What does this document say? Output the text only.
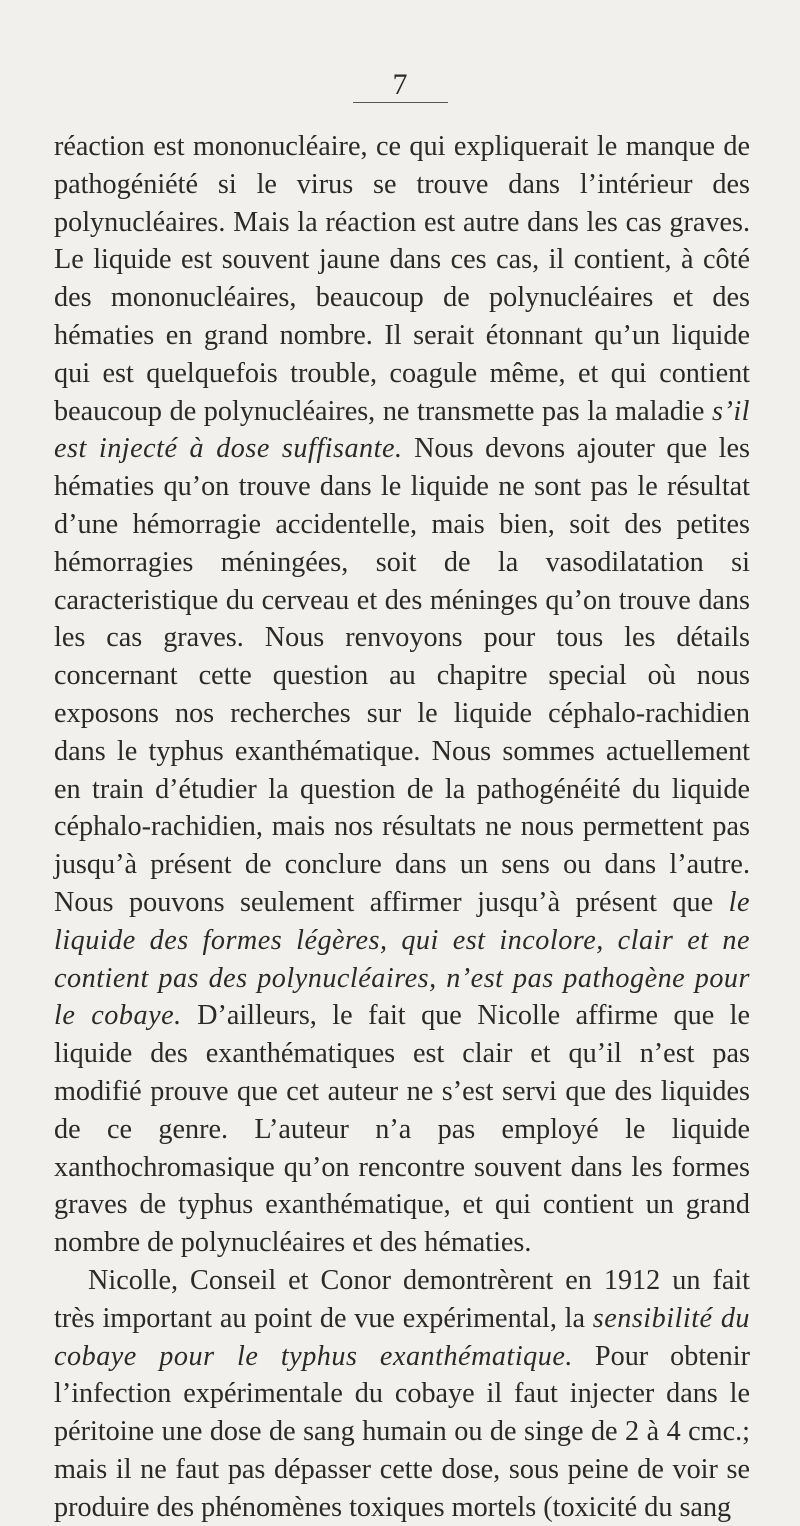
7

réaction est mononucléaire, ce qui expliquerait le manque de pathogéniété si le virus se trouve dans l’intérieur des polynucléaires. Mais la réaction est autre dans les cas graves. Le liquide est souvent jaune dans ces cas, il contient, à côté des mononucléaires, beaucoup de polynucléaires et des hématies en grand nombre. Il serait étonnant qu’un liquide qui est quelquefois trouble, coagule même, et qui contient beaucoup de polynucléaires, ne transmette pas la maladie s’il est injecté à dose suffisante. Nous devons ajouter que les hématies qu’on trouve dans le liquide ne sont pas le résultat d’une hémorragie accidentelle, mais bien, soit des petites hémorragies méningées, soit de la vasodilatation si caracteristique du cerveau et des méninges qu’on trouve dans les cas graves. Nous renvoyons pour tous les détails concernant cette question au chapitre special où nous exposons nos recherches sur le liquide céphalo-rachidien dans le typhus exanthématique. Nous sommes actuellement en train d’étudier la question de la pathogénéité du liquide céphalo-rachidien, mais nos résultats ne nous permettent pas jusqu’à présent de conclure dans un sens ou dans l’autre. Nous pouvons seulement affirmer jusqu’à présent que le liquide des formes légères, qui est incolore, clair et ne contient pas des polynucléaires, n’est pas pathogène pour le cobaye. D’ailleurs, le fait que Nicolle affirme que le liquide des exanthématiques est clair et qu’il n’est pas modifié prouve que cet auteur ne s’est servi que des liquides de ce genre. L’auteur n’a pas employé le liquide xanthochromasique qu’on rencontre souvent dans les formes graves de typhus exanthématique, et qui contient un grand nombre de polynucléaires et des hématies.

Nicolle, Conseil et Conor demontrèrent en 1912 un fait très important au point de vue expérimental, la sensibilité du cobaye pour le typhus exanthématique. Pour obtenir l’infection expérimentale du cobaye il faut injecter dans le péritoine une dose de sang humain ou de singe de 2 à 4 cmc.; mais il ne faut pas dépasser cette dose, sous peine de voir se produire des phénomènes toxiques mortels (toxicité du sang
